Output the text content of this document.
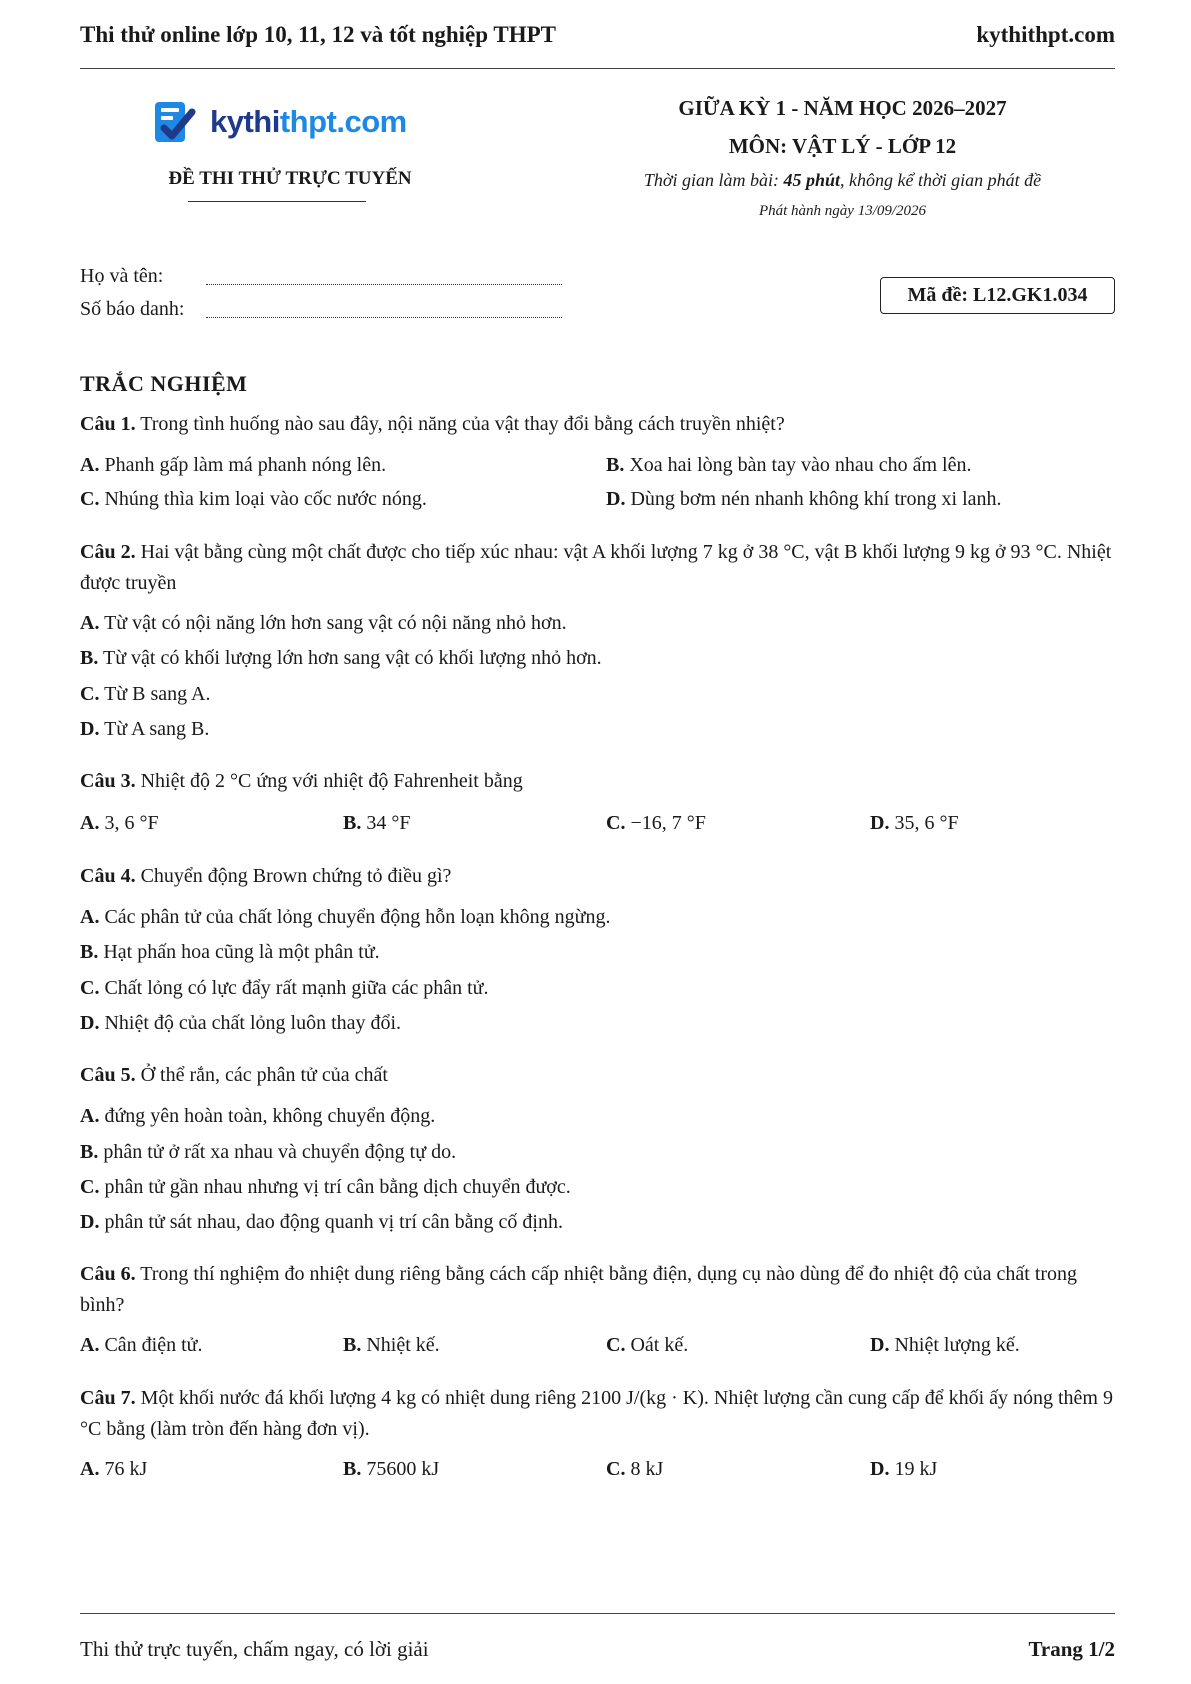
Thi thử online lớp 10, 11, 12 và tốt nghiệp THPT	kythithpt.com
kythithpt.com
ĐỀ THI THỬ TRỰC TUYẾN
GIỮA KỲ 1 - NĂM HỌC 2026–2027
MÔN: VẬT LÝ - LỚP 12
Thời gian làm bài: 45 phút, không kể thời gian phát đề
Phát hành ngày 13/09/2026
Họ và tên:
Số báo danh:
Mã đề: L12.GK1.034
TRẮC NGHIỆM
Câu 1. Trong tình huống nào sau đây, nội năng của vật thay đổi bằng cách truyền nhiệt?
A. Phanh gấp làm má phanh nóng lên.	B. Xoa hai lòng bàn tay vào nhau cho ấm lên.
C. Nhúng thìa kim loại vào cốc nước nóng.	D. Dùng bơm nén nhanh không khí trong xi lanh.
Câu 2. Hai vật bằng cùng một chất được cho tiếp xúc nhau: vật A khối lượng 7 kg ở 38 °C, vật B khối lượng 9 kg ở 93 °C. Nhiệt được truyền
A. Từ vật có nội năng lớn hơn sang vật có nội năng nhỏ hơn.
B. Từ vật có khối lượng lớn hơn sang vật có khối lượng nhỏ hơn.
C. Từ B sang A.
D. Từ A sang B.
Câu 3. Nhiệt độ 2 °C ứng với nhiệt độ Fahrenheit bằng
A. 3, 6 °F	B. 34 °F	C. −16, 7 °F	D. 35, 6 °F
Câu 4. Chuyển động Brown chứng tỏ điều gì?
A. Các phân tử của chất lỏng chuyển động hỗn loạn không ngừng.
B. Hạt phấn hoa cũng là một phân tử.
C. Chất lỏng có lực đẩy rất mạnh giữa các phân tử.
D. Nhiệt độ của chất lỏng luôn thay đổi.
Câu 5. Ở thể rắn, các phân tử của chất
A. đứng yên hoàn toàn, không chuyển động.
B. phân tử ở rất xa nhau và chuyển động tự do.
C. phân tử gần nhau nhưng vị trí cân bằng dịch chuyển được.
D. phân tử sát nhau, dao động quanh vị trí cân bằng cố định.
Câu 6. Trong thí nghiệm đo nhiệt dung riêng bằng cách cấp nhiệt bằng điện, dụng cụ nào dùng để đo nhiệt độ của chất trong bình?
A. Cân điện tử.	B. Nhiệt kế.	C. Oát kế.	D. Nhiệt lượng kế.
Câu 7. Một khối nước đá khối lượng 4 kg có nhiệt dung riêng 2100 J/(kg · K). Nhiệt lượng cần cung cấp để khối ấy nóng thêm 9 °C bằng (làm tròn đến hàng đơn vị).
A. 76 kJ	B. 75600 kJ	C. 8 kJ	D. 19 kJ
Thi thử trực tuyến, chấm ngay, có lời giải	Trang 1/2
